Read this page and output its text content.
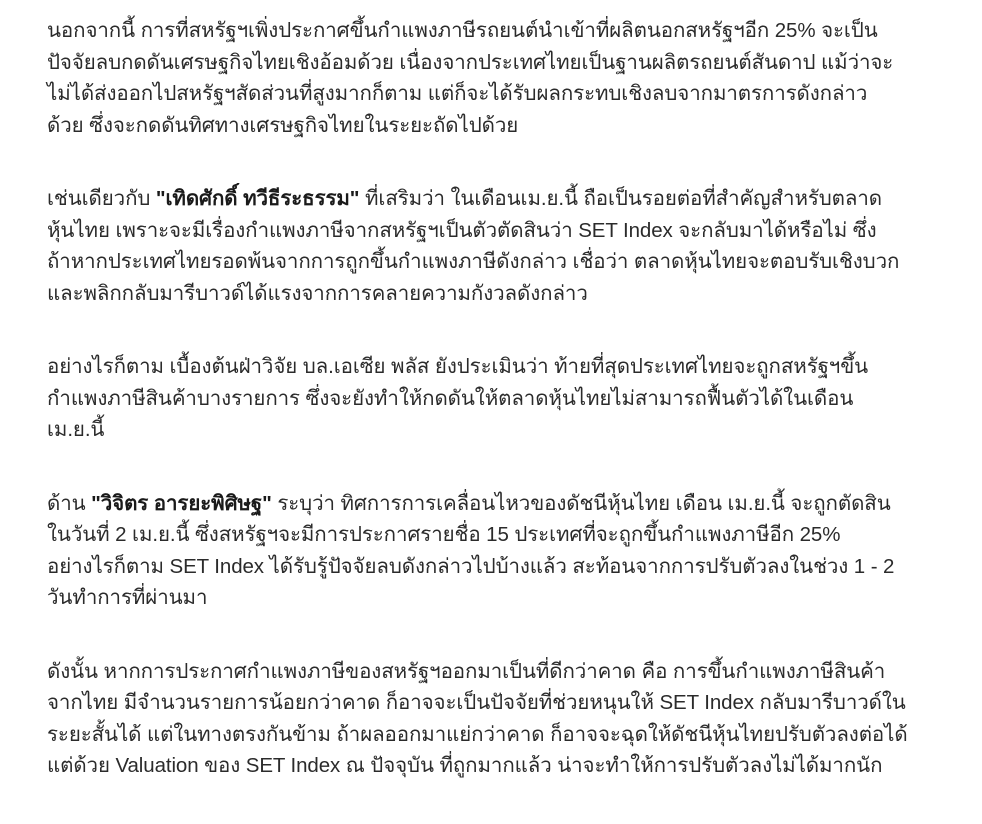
นอกจากนี้ การที่สหรัฐฯเพิ่งประกาศขึ้นกำแพงภาษีรถยนต์นำเข้าที่ผลิตนอกสหรัฐฯอีก 25% จะเป็น
ปัจจัยลบกดดันเศรษฐกิจไทยเชิงอ้อมด้วย เนื่องจากประเทศไทยเป็นฐานผลิตรถยนต์สันดาป แม้ว่าจะ
ไม่ได้ส่งออกไปสหรัฐฯสัดส่วนที่สูงมากก็ตาม แต่ก็จะได้รับผลกระทบเชิงลบจากมาตรการดังกล่าว
ด้วย ซึ่งจะกดดันทิศทางเศรษฐกิจไทยในระยะถัดไปด้วย

เช่นเดียวกับ "เทิดศักดิ์ ทวีธีระธรรม" ที่เสริมว่า ในเดือนเม.ย.นี้ ถือเป็นรอยต่อที่สำคัญสำหรับตลาด
หุ้นไทย เพราะจะมีเรื่องกำแพงภาษีจากสหรัฐฯเป็นตัวตัดสินว่า SET Index จะกลับมาได้หรือไม่ ซึ่ง
ถ้าหากประเทศไทยรอดพ้นจากการถูกขึ้นกำแพงภาษีดังกล่าว เชื่อว่า ตลาดหุ้นไทยจะตอบรับเชิงบวก
และพลิกกลับมารีบาวด์ได้แรงจากการคลายความกังวลดังกล่าว

อย่างไรก็ตาม เบื้องต้นฝ่าวิจัย บล.เอเซีย พลัส ยังประเมินว่า ท้ายที่สุดประเทศไทยจะถูกสหรัฐฯขึ้น
กำแพงภาษีสินค้าบางรายการ ซึ่งจะยังทำให้กดดันให้ตลาดหุ้นไทยไม่สามารถฟื้นตัวได้ในเดือน
เม.ย.นี้

ด้าน "วิจิตร อารยะพิศิษฐ" ระบุว่า ทิศการการเคลื่อนไหวของดัชนีหุ้นไทย เดือน เม.ย.นี้ จะถูกตัดสิน
ในวันที่ 2 เม.ย.นี้ ซึ่งสหรัฐฯจะมีการประกาศรายชื่อ 15 ประเทศที่จะถูกขึ้นกำแพงภาษีอีก 25%
อย่างไรก็ตาม SET Index ได้รับรู้ปัจจัยลบดังกล่าวไปบ้างแล้ว สะท้อนจากการปรับตัวลงในช่วง 1 - 2
วันทำการที่ผ่านมา

ดังนั้น หากการประกาศกำแพงภาษีของสหรัฐฯออกมาเป็นที่ดีกว่าคาด คือ การขึ้นกำแพงภาษีสินค้า
จากไทย มีจำนวนรายการน้อยกว่าคาด ก็อาจจะเป็นปัจจัยที่ช่วยหนุนให้ SET Index กลับมารีบาวด์ใน
ระยะสั้นได้ แต่ในทางตรงกันข้าม ถ้าผลออกมาแย่กว่าคาด ก็อาจจะฉุดให้ดัชนีหุ้นไทยปรับตัวลงต่อได้
แต่ด้วย Valuation ของ SET Index ณ ปัจจุบัน ที่ถูกมากแล้ว น่าจะทำให้การปรับตัวลงไม่ได้มากนัก
